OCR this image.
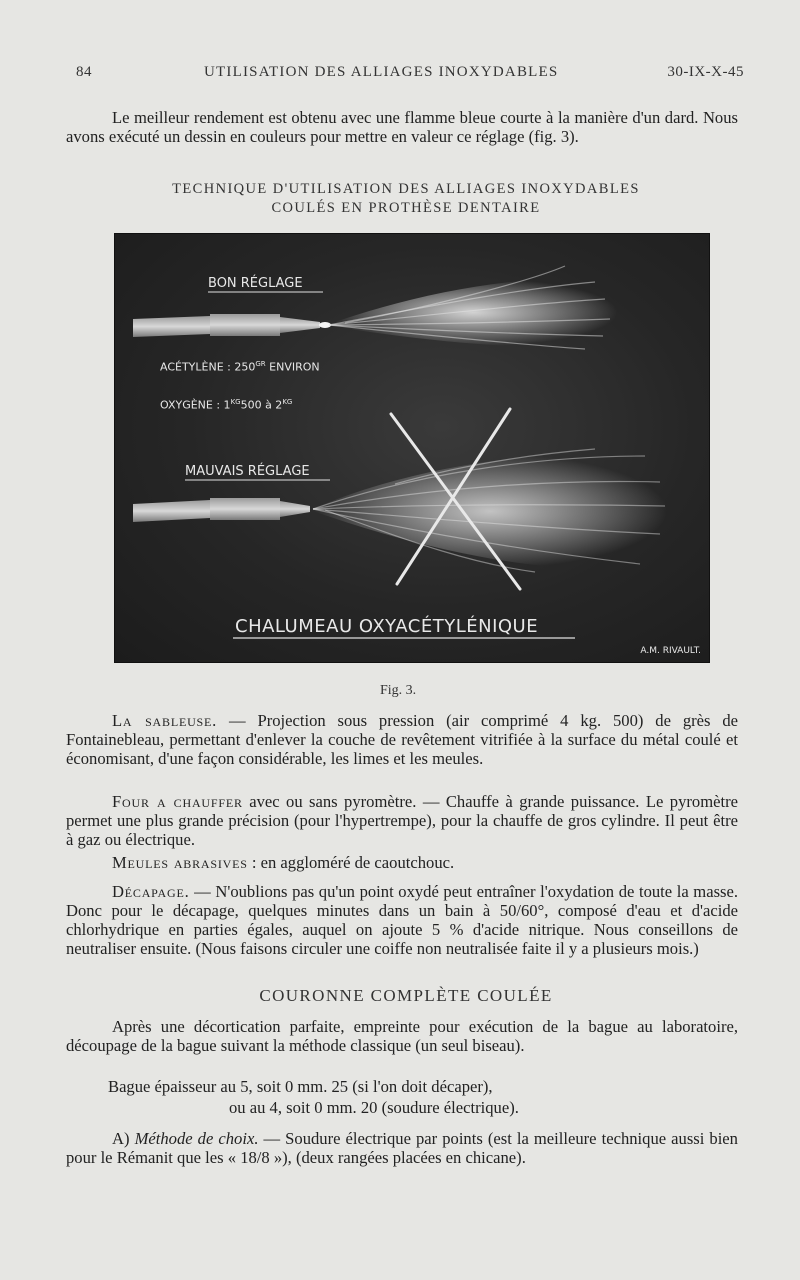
84	UTILISATION DES ALLIAGES INOXYDABLES	30-IX-X-45

Le meilleur rendement est obtenu avec une flamme bleue courte à la manière d'un dard. Nous avons exécuté un dessin en couleurs pour mettre en valeur ce réglage (fig. 3).

TECHNIQUE D'UTILISATION DES ALLIAGES INOXYDABLES
COULÉS EN PROTHÈSE DENTAIRE
BON RÉGLAGE
ACÉTYLÈNE : $250^{GR}$ ENVIRON
OXYGÈNE : $1^{KG}500$ à $2^{KG}$
MAUVAIS RÉGLAGE
CHALUMEAU OXYACÉTYLÉNIQUE
A.M. RIVAULT.
Fig. 3.

La sableuse. — Projection sous pression (air comprimé 4 kg. 500) de grès de Fontainebleau, permettant d'enlever la couche de revêtement vitrifiée à la surface du métal coulé et économisant, d'une façon considérable, les limes et les meules.

Four a chauffer avec ou sans pyromètre. — Chauffe à grande puissance. Le pyromètre permet une plus grande précision (pour l'hypertrempe), pour la chauffe de gros cylindre. Il peut être à gaz ou électrique.

Meules abrasives : en aggloméré de caoutchouc.

Décapage. — N'oublions pas qu'un point oxydé peut entraîner l'oxydation de toute la masse. Donc pour le décapage, quelques minutes dans un bain à 50/60°, composé d'eau et d'acide chlorhydrique en parties égales, auquel on ajoute 5 % d'acide nitrique. Nous conseillons de neutraliser ensuite. (Nous faisons circuler une coiffe non neutralisée faite il y a plusieurs mois.)

COURONNE COMPLÈTE COULÉE

Après une décortication parfaite, empreinte pour exécution de la bague au laboratoire, découpage de la bague suivant la méthode classique (un seul biseau).

Bague épaisseur au 5, soit 0 mm. 25 (si l'on doit décaper),
ou au 4, soit 0 mm. 20 (soudure électrique).

A) Méthode de choix. — Soudure électrique par points (est la meilleure technique aussi bien pour le Rémanit que les « 18/8 »), (deux rangées placées en chicane).
